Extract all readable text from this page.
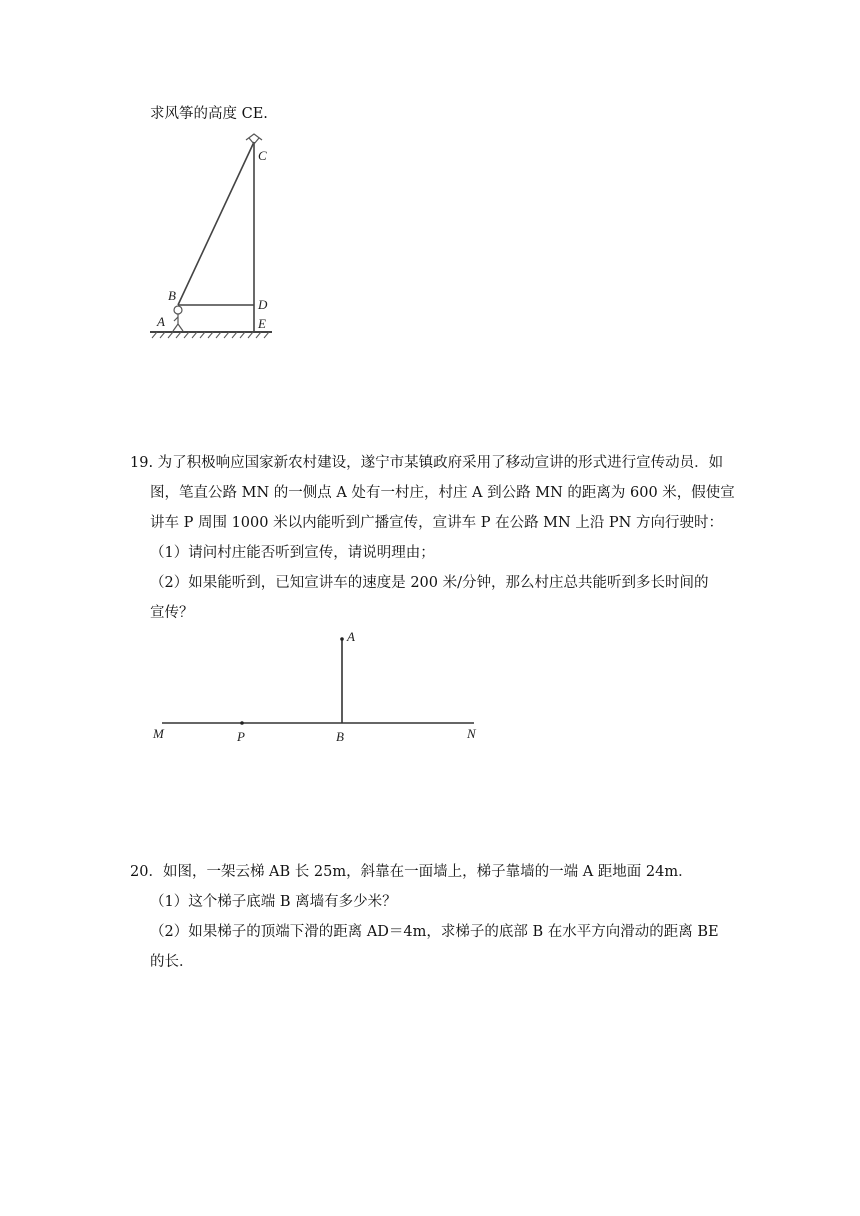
求风筝的高度 CE.
C
B
D
A	E
19. 为了积极响应国家新农村建设，遂宁市某镇政府采用了移动宣讲的形式进行宣传动员．如
图，笔直公路 MN 的一侧点 A 处有一村庄，村庄 A 到公路 MN 的距离为 600 米，假使宣
讲车 P 周围 1000 米以内能听到广播宣传，宣讲车 P 在公路 MN 上沿 PN 方向行驶时：
（1）请问村庄能否听到宣传，请说明理由；
（2）如果能听到，已知宣讲车的速度是 200 米/分钟，那么村庄总共能听到多长时间的
宣传？
A
M	P	B	N
20．如图，一架云梯 AB 长 25m，斜靠在一面墙上，梯子靠墙的一端 A 距地面 24m．
（1）这个梯子底端 B 离墙有多少米？
（2）如果梯子的顶端下滑的距离 AD＝4m，求梯子的底部 B 在水平方向滑动的距离 BE
的长．
